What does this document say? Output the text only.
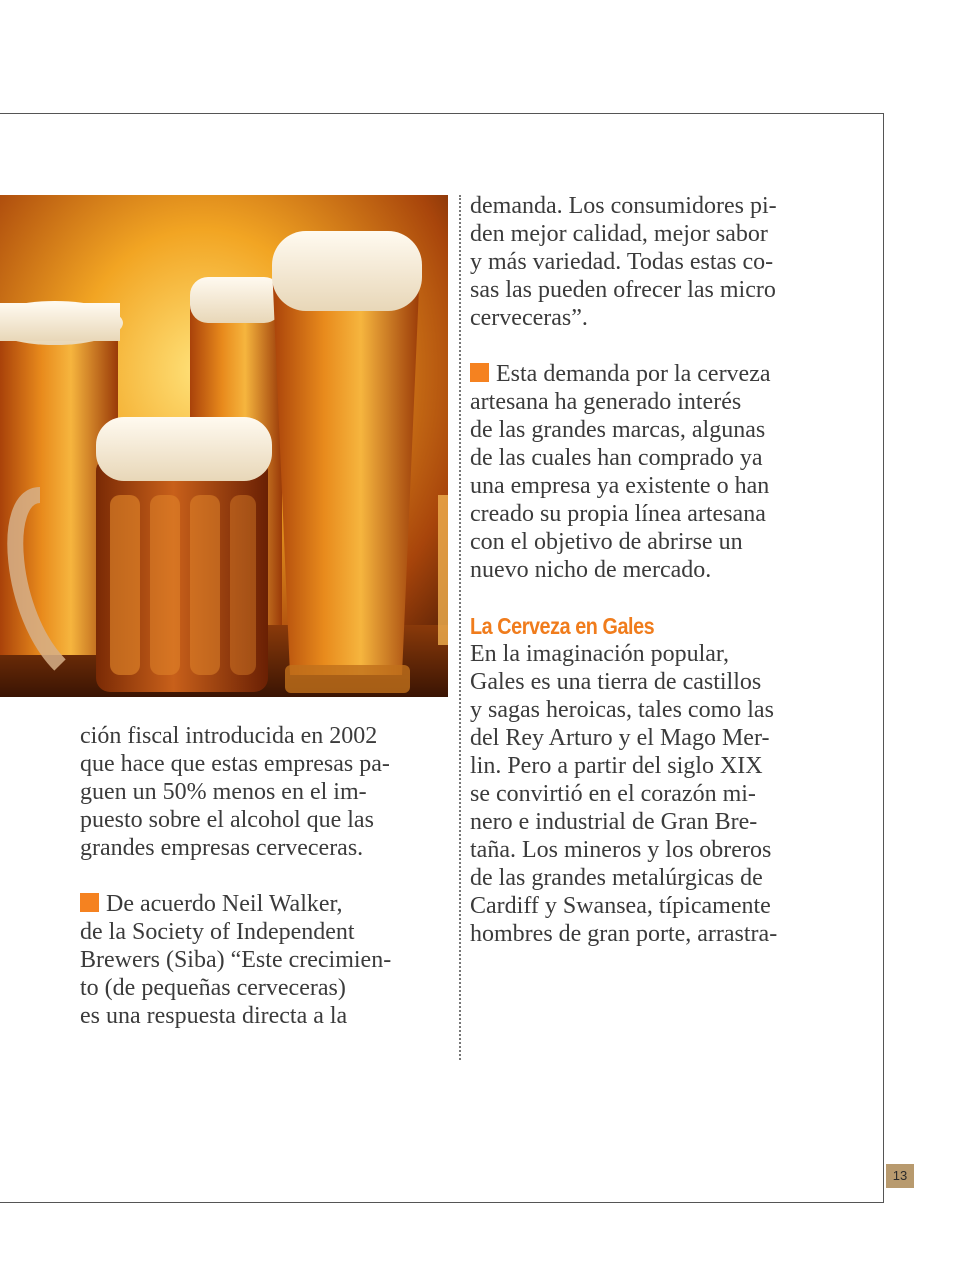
ción fiscal introducida en 2002
que hace que estas empresas pa-
guen un 50% menos en el im-
puesto sobre el alcohol que las
grandes empresas cerveceras.

De acuerdo Neil Walker,
de la Society of Independent
Brewers (Siba) “Este crecimien-
to (de pequeñas cerveceras)
es una respuesta directa a la

demanda. Los consumidores pi-
den mejor calidad, mejor sabor
y más variedad. Todas estas co-
sas las pueden ofrecer las micro
cerveceras”.

Esta demanda por la cerveza
artesana ha generado interés
de las grandes marcas, algunas
de las cuales han comprado ya
una empresa ya existente o han
creado su propia línea artesana
con el objetivo de abrirse un
nuevo nicho de mercado.

La Cerveza en Gales

En la imaginación popular,
Gales es una tierra de castillos
y sagas heroicas, tales como las
del Rey Arturo y el Mago Mer-
lin. Pero a partir del siglo XIX
se convirtió en el corazón mi-
nero e industrial de Gran Bre-
taña. Los mineros y los obreros
de las grandes metalúrgicas de
Cardiff y Swansea, típicamente
hombres de gran porte, arrastra-

13
